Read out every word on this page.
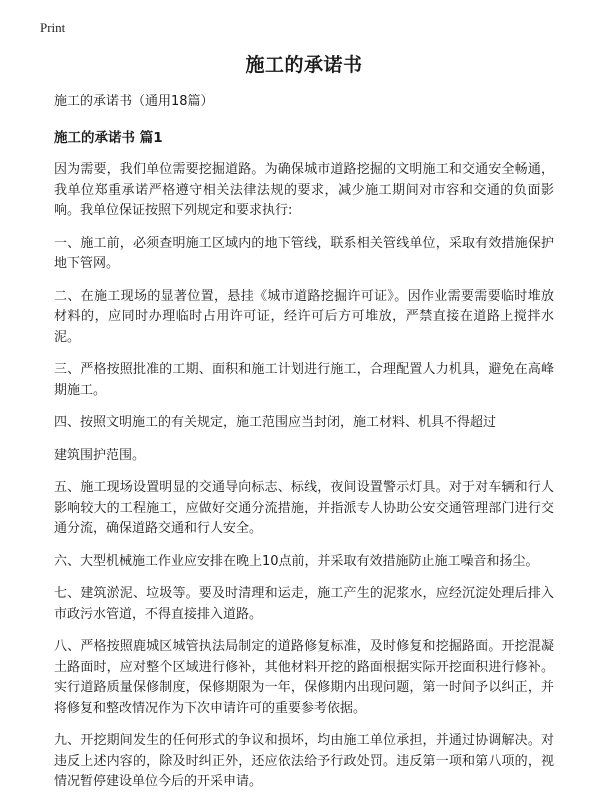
Print
施工的承诺书

施工的承诺书（通用18篇）

施工的承诺书 篇1

因为需要，我们单位需要挖掘道路。为确保城市道路挖掘的文明施工和交通安全畅通，我单位郑重承诺严格遵守相关法律法规的要求，减少施工期间对市容和交通的负面影响。我单位保证按照下列规定和要求执行:

一、施工前，必须查明施工区域内的地下管线，联系相关管线单位，采取有效措施保护地下管网。

二、在施工现场的显著位置，悬挂《城市道路挖掘许可证》。因作业需要需要临时堆放材料的，应同时办理临时占用许可证，经许可后方可堆放，严禁直接在道路上搅拌水泥。

三、严格按照批准的工期、面积和施工计划进行施工，合理配置人力机具，避免在高峰期施工。

四、按照文明施工的有关规定，施工范围应当封闭，施工材料、机具不得超过

建筑围护范围。

五、施工现场设置明显的交通导向标志、标线，夜间设置警示灯具。对于对车辆和行人影响较大的工程施工，应做好交通分流措施，并指派专人协助公安交通管理部门进行交通分流，确保道路交通和行人安全。

六、大型机械施工作业应安排在晚上10点前，并采取有效措施防止施工噪音和扬尘。

七、建筑淤泥、垃圾等。要及时清理和运走，施工产生的泥浆水，应经沉淀处理后排入市政污水管道，不得直接排入道路。

八、严格按照鹿城区城管执法局制定的道路修复标准，及时修复和挖掘路面。开挖混凝土路面时，应对整个区域进行修补，其他材料开挖的路面根据实际开挖面积进行修补。实行道路质量保修制度，保修期限为一年，保修期内出现问题，第一时间予以纠正，并将修复和整改情况作为下次申请许可的重要参考依据。

九、开挖期间发生的任何形式的争议和损坏，均由施工单位承担，并通过协调解决。对违反上述内容的，除及时纠正外，还应依法给予行政处罚。违反第一项和第八项的，视情况暂停建设单位今后的开采申请。
